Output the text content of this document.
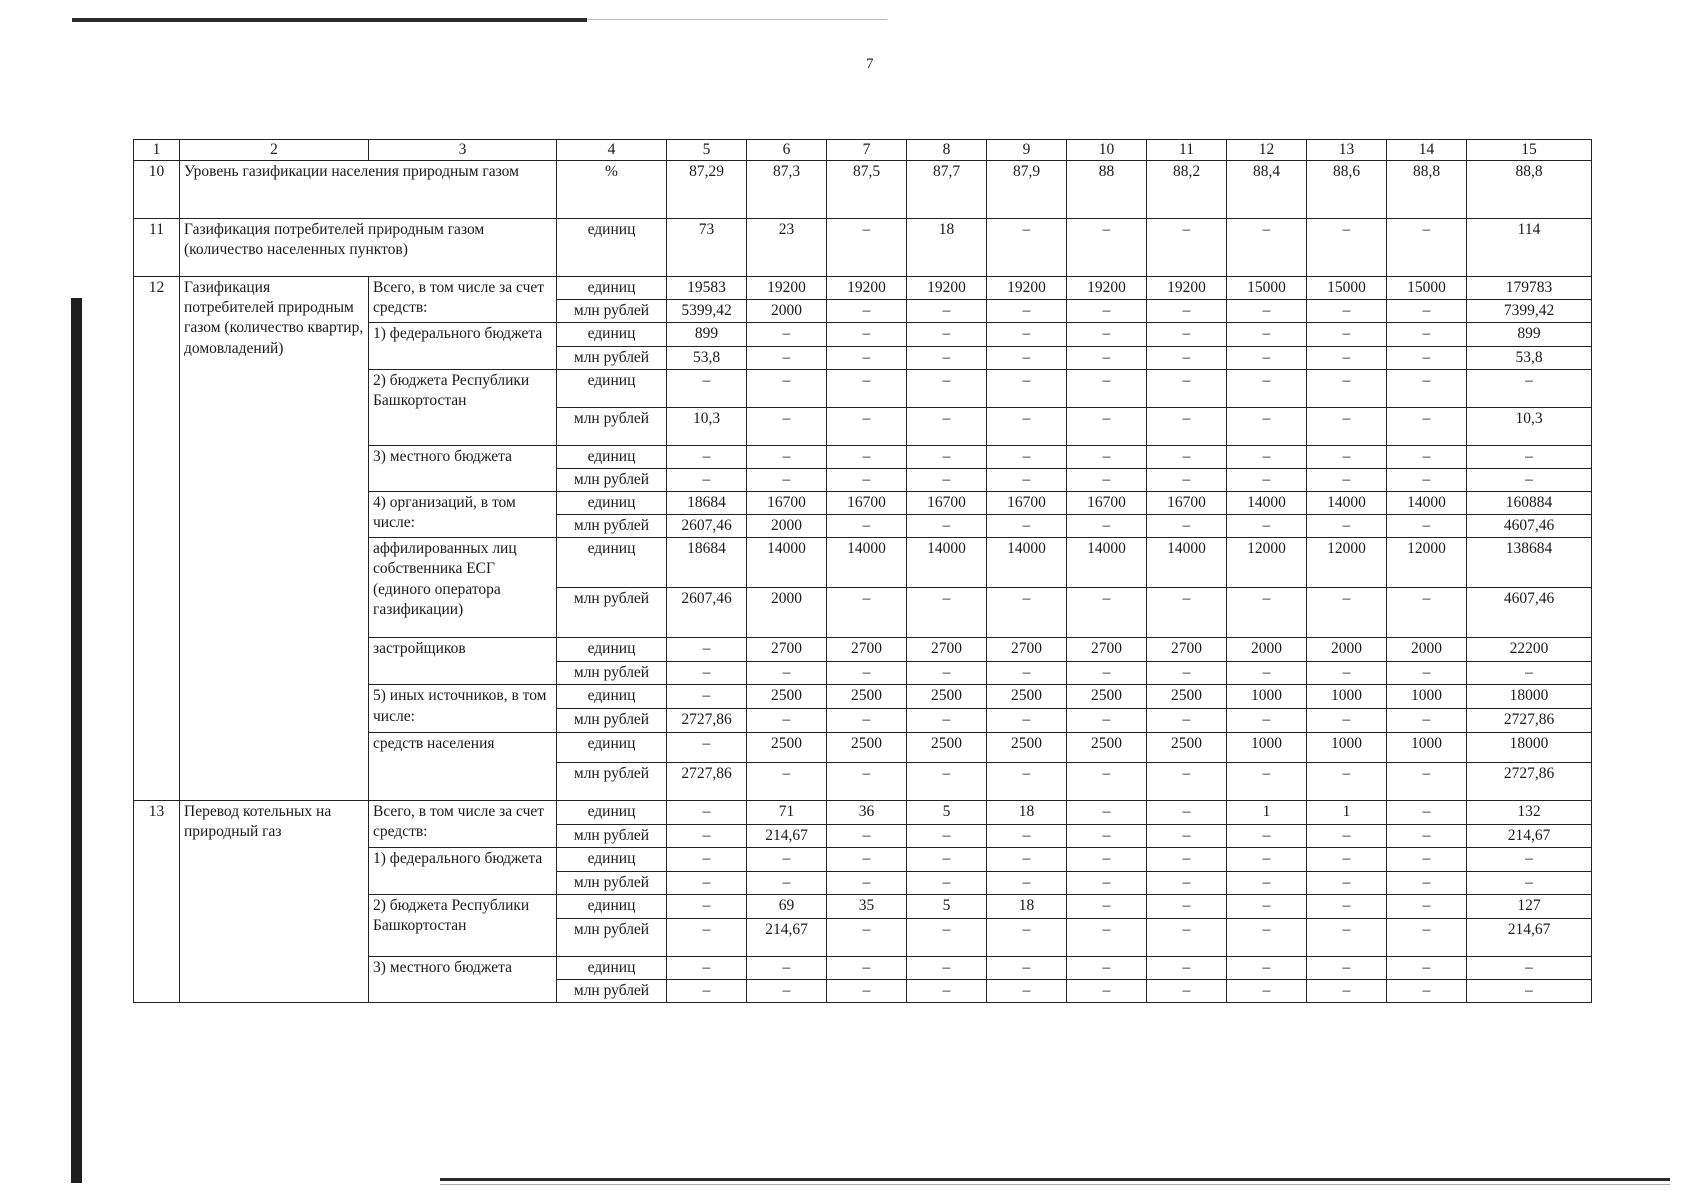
7
1	2	3	4	5	6	7	8	9	10	11	12	13	14	15
10	Уровень газификации населения природным газом		%	87,29	87,3	87,5	87,7	87,9	88	88,2	88,4	88,6	88,8	88,8
11	Газификация потребителей природным газом (количество населенных пунктов)		единиц	73	23	–	18	–	–	–	–	–	–	114
12	Газификация потребителей природным газом (количество квартир, домовладений)	Всего, в том числе за счет средств:	единиц	19583	19200	19200	19200	19200	19200	19200	15000	15000	15000	179783
			млн рублей	5399,42	2000	–	–	–	–	–	–	–	–	7399,42
		1) федерального бюджета	единиц	899	–	–	–	–	–	–	–	–	–	899
			млн рублей	53,8	–	–	–	–	–	–	–	–	–	53,8
		2) бюджета Республики Башкортостан	единиц	–	–	–	–	–	–	–	–	–	–	–
			млн рублей	10,3	–	–	–	–	–	–	–	–	–	10,3
		3) местного бюджета	единиц	–	–	–	–	–	–	–	–	–	–	–
			млн рублей	–	–	–	–	–	–	–	–	–	–	–
		4) организаций, в том числе:	единиц	18684	16700	16700	16700	16700	16700	16700	14000	14000	14000	160884
			млн рублей	2607,46	2000	–	–	–	–	–	–	–	–	4607,46
		аффилированных лиц собственника ЕСГ (единого оператора газификации)	единиц	18684	14000	14000	14000	14000	14000	14000	12000	12000	12000	138684
			млн рублей	2607,46	2000	–	–	–	–	–	–	–	–	4607,46
		застройщиков	единиц	–	2700	2700	2700	2700	2700	2700	2000	2000	2000	22200
			млн рублей	–	–	–	–	–	–	–	–	–	–	–
		5) иных источников, в том числе:	единиц	–	2500	2500	2500	2500	2500	2500	1000	1000	1000	18000
			млн рублей	2727,86	–	–	–	–	–	–	–	–	–	2727,86
		средств населения	единиц	–	2500	2500	2500	2500	2500	2500	1000	1000	1000	18000
			млн рублей	2727,86	–	–	–	–	–	–	–	–	–	2727,86
13	Перевод котельных на природный газ	Всего, в том числе за счет средств:	единиц	–	71	36	5	18	–	–	1	1	–	132
			млн рублей	–	214,67	–	–	–	–	–	–	–	–	214,67
		1) федерального бюджета	единиц	–	–	–	–	–	–	–	–	–	–	–
			млн рублей	–	–	–	–	–	–	–	–	–	–	–
		2) бюджета Республики Башкортостан	единиц	–	69	35	5	18	–	–	–	–	–	127
			млн рублей	–	214,67	–	–	–	–	–	–	–	–	214,67
		3) местного бюджета	единиц	–	–	–	–	–	–	–	–	–	–	–
			млн рублей	–	–	–	–	–	–	–	–	–	–	–
